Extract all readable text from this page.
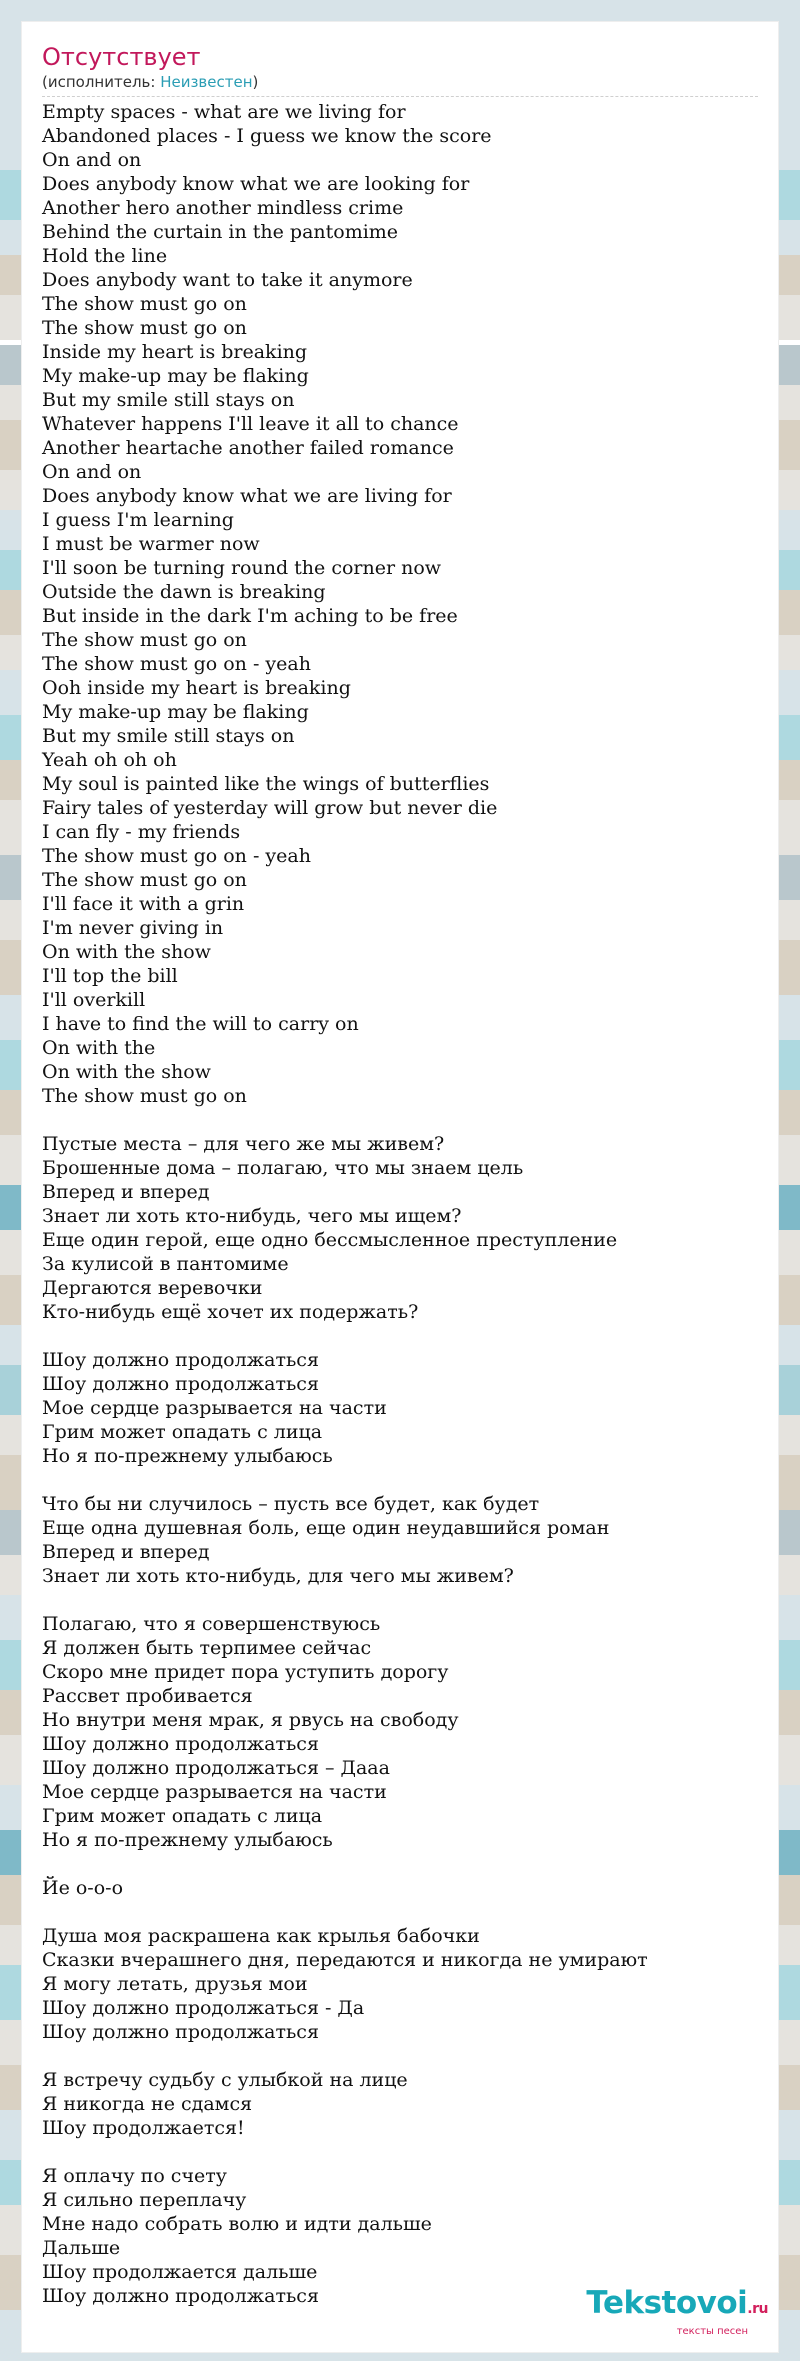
Отсутствует
(исполнитель: Неизвестен)
Empty spaces - what are we living for
Abandoned places - I guess we know the score
On and on
Does anybody know what we are looking for
Another hero another mindless crime
Behind the curtain in the pantomime
Hold the line
Does anybody want to take it anymore
The show must go on
The show must go on
Inside my heart is breaking
My make-up may be flaking
But my smile still stays on
Whatever happens I'll leave it all to chance
Another heartache another failed romance
On and on
Does anybody know what we are living for
I guess I'm learning
I must be warmer now
I'll soon be turning round the corner now
Outside the dawn is breaking
But inside in the dark I'm aching to be free
The show must go on
The show must go on - yeah
Ooh inside my heart is breaking
My make-up may be flaking
But my smile still stays on
Yeah oh oh oh
My soul is painted like the wings of butterflies
Fairy tales of yesterday will grow but never die
I can fly - my friends
The show must go on - yeah
The show must go on
I'll face it with a grin
I'm never giving in
On with the show
I'll top the bill
I'll overkill
I have to find the will to carry on
On with the
On with the show
The show must go on
Пустые места – для чего же мы живем?
Брошенные дома – полагаю, что мы знаем цель
Вперед и вперед
Знает ли хоть кто-нибудь, чего мы ищем?
Еще один герой, еще одно бессмысленное преступление
За кулисой в пантомиме
Дергаются веревочки
Кто-нибудь ещё хочет их подержать?
Шоу должно продолжаться
Шоу должно продолжаться
Мое сердце разрывается на части
Грим может опадать с лица
Но я по-прежнему улыбаюсь
Что бы ни случилось – пусть все будет, как будет
Еще одна душевная боль, еще один неудавшийся роман
Вперед и вперед
Знает ли хоть кто-нибудь, для чего мы живем?
Полагаю, что я совершенствуюсь
Я должен быть терпимее сейчас
Скоро мне придет пора уступить дорогу
Рассвет пробивается
Но внутри меня мрак, я рвусь на свободу
Шоу должно продолжаться
Шоу должно продолжаться – Дааа
Мое сердце разрывается на части
Грим может опадать с лица
Но я по-прежнему улыбаюсь
Йе о-о-о
Душа моя раскрашена как крылья бабочки
Сказки вчерашнего дня, передаются и никогда не умирают
Я могу летать, друзья мои
Шоу должно продолжаться - Да
Шоу должно продолжаться
Я встречу судьбу с улыбкой на лице
Я никогда не сдамся
Шоу продолжается!
Я оплачу по счету
Я сильно переплачу
Мне надо собрать волю и идти дальше
Дальше
Шоу продолжается дальше
Шоу должно продолжаться	Tekstovoi.ru
тексты песен
